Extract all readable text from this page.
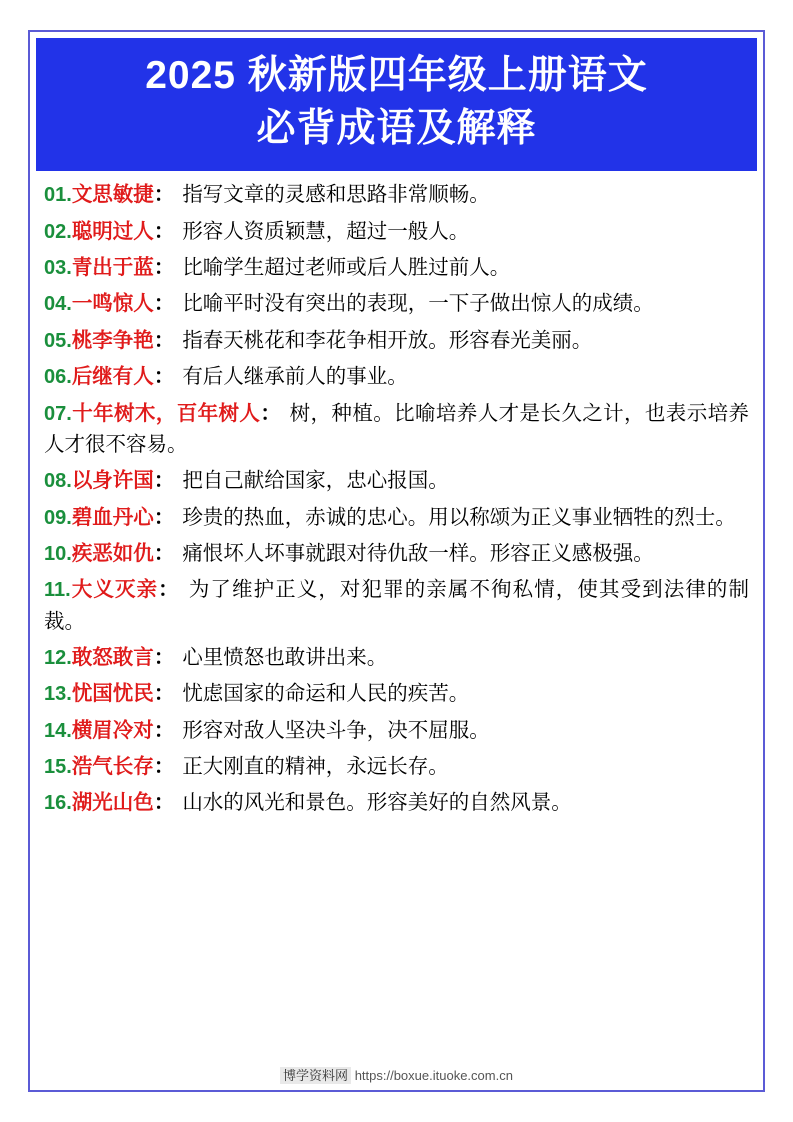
2025 秋新版四年级上册语文
必背成语及解释

01.文思敏捷： 指写文章的灵感和思路非常顺畅。

02.聪明过人： 形容人资质颖慧，超过一般人。

03.青出于蓝： 比喻学生超过老师或后人胜过前人。

04.一鸣惊人： 比喻平时没有突出的表现，一下子做出惊人的成绩。

05.桃李争艳： 指春天桃花和李花争相开放。形容春光美丽。

06.后继有人： 有后人继承前人的事业。

07.十年树木，百年树人： 树，种植。比喻培养人才是长久之计，也表示培养人才很不容易。

08.以身许国： 把自己献给国家，忠心报国。

09.碧血丹心： 珍贵的热血，赤诚的忠心。用以称颂为正义事业牺牲的烈士。

10.疾恶如仇： 痛恨坏人坏事就跟对待仇敌一样。形容正义感极强。

11.大义灭亲： 为了维护正义，对犯罪的亲属不徇私情，使其受到法律的制裁。

12.敢怒敢言： 心里愤怒也敢讲出来。

13.忧国忧民： 忧虑国家的命运和人民的疾苦。

14.横眉冷对： 形容对敌人坚决斗争，决不屈服。

15.浩气长存： 正大刚直的精神，永远长存。

16.湖光山色： 山水的风光和景色。形容美好的自然风景。

博学资料网 https://boxue.ituoke.com.cn
